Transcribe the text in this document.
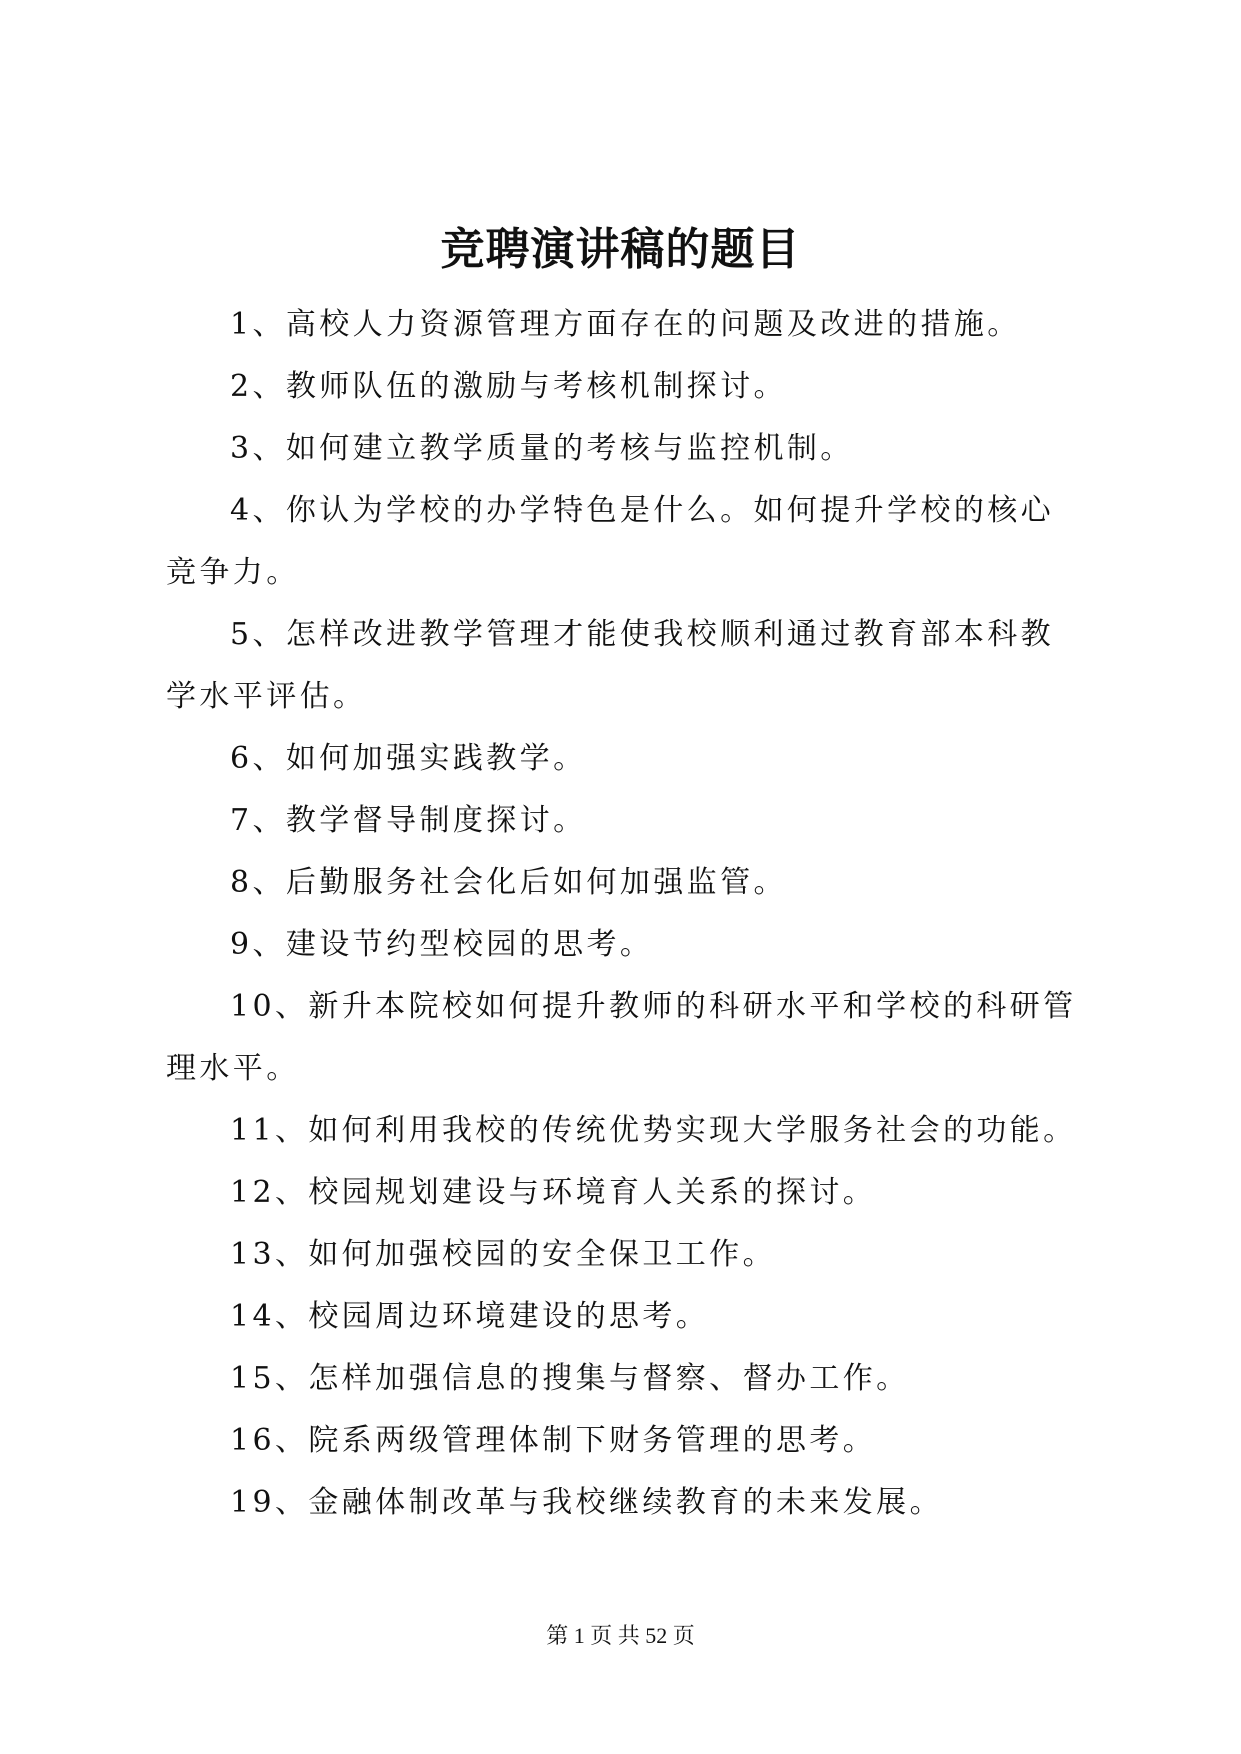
竞聘演讲稿的题目

1、高校人力资源管理方面存在的问题及改进的措施。

2、教师队伍的激励与考核机制探讨。

3、如何建立教学质量的考核与监控机制。

4、你认为学校的办学特色是什么。如何提升学校的核心竞争力。

5、怎样改进教学管理才能使我校顺利通过教育部本科教学水平评估。

6、如何加强实践教学。

7、教学督导制度探讨。

8、后勤服务社会化后如何加强监管。

9、建设节约型校园的思考。

10、新升本院校如何提升教师的科研水平和学校的科研管理水平。

11、如何利用我校的传统优势实现大学服务社会的功能。

12、校园规划建设与环境育人关系的探讨。

13、如何加强校园的安全保卫工作。

14、校园周边环境建设的思考。

15、怎样加强信息的搜集与督察、督办工作。

16、院系两级管理体制下财务管理的思考。

19、金融体制改革与我校继续教育的未来发展。

第 1 页 共 52 页
